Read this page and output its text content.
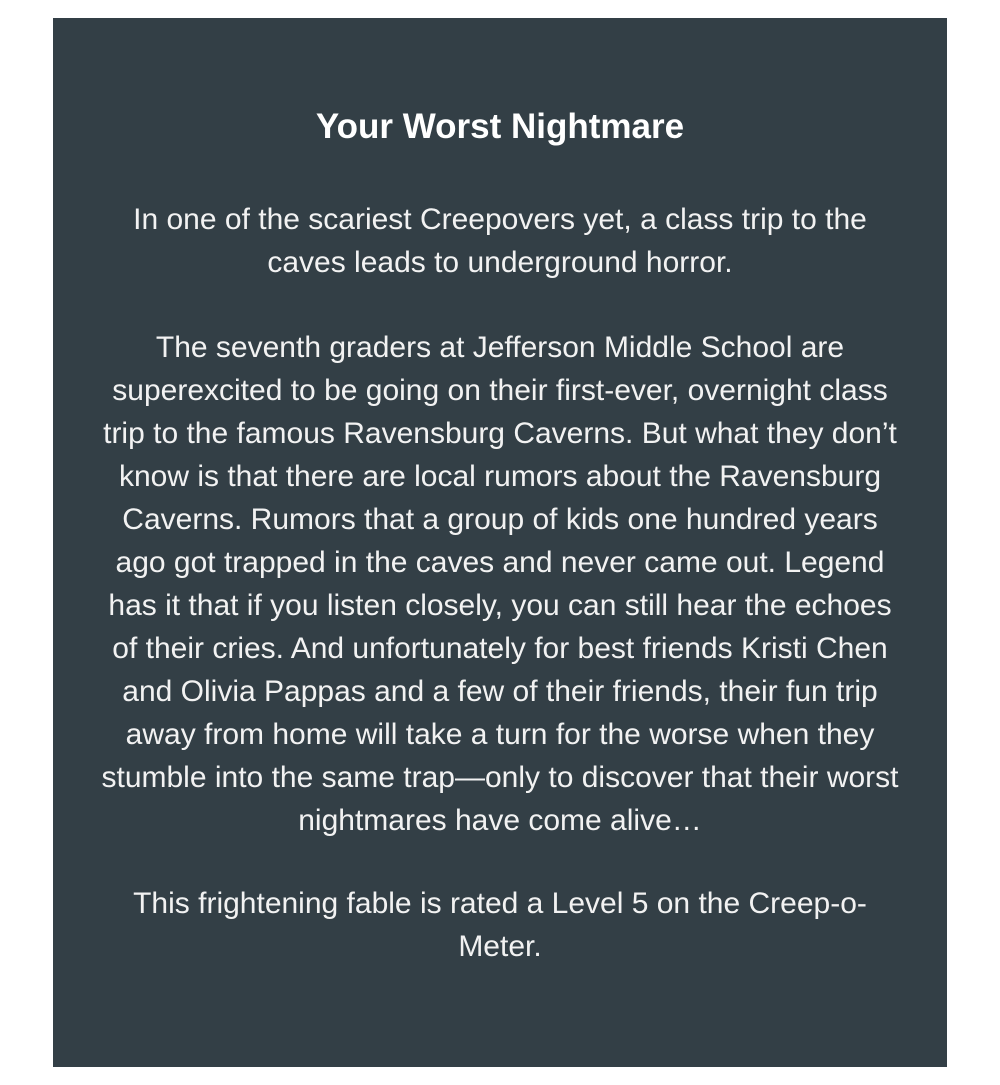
Your Worst Nightmare

In one of the scariest Creepovers yet, a class trip to the caves leads to underground horror.

The seventh graders at Jefferson Middle School are superexcited to be going on their first-ever, overnight class trip to the famous Ravensburg Caverns. But what they don’t know is that there are local rumors about the Ravensburg Caverns. Rumors that a group of kids one hundred years ago got trapped in the caves and never came out. Legend has it that if you listen closely, you can still hear the echoes of their cries. And unfortunately for best friends Kristi Chen and Olivia Pappas and a few of their friends, their fun trip away from home will take a turn for the worse when they stumble into the same trap—only to discover that their worst nightmares have come alive…

This frightening fable is rated a Level 5 on the Creep-o-Meter.
